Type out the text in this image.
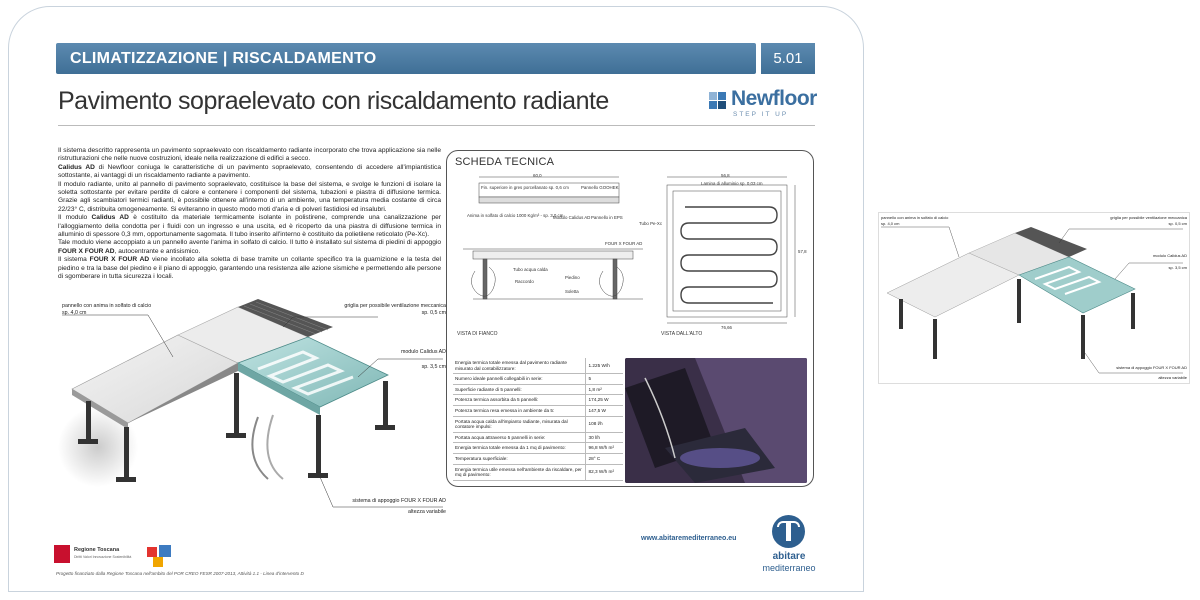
CLIMATIZZAZIONE | RISCALDAMENTO	5.01
Pavimento sopraelevato con riscaldamento radiante	Newfloor
STEP IT UP

Il sistema descritto rappresenta un pavimento sopraelevato con riscaldamento radiante incorporato che trova applicazione sia nelle ristrutturazioni che nelle nuove costruzioni, ideale nella realizzazione di edifici a secco.

Calidus AD di Newfloor coniuga le caratteristiche di un pavimento sopraelevato, consentendo di accedere all'impiantistica sottostante, ai vantaggi di un riscaldamento radiante a pavimento.

Il modulo radiante, unito al pannello di pavimento sopraelevato, costituisce la base del sistema, e svolge le funzioni di isolare la soletta sottostante per evitare perdite di calore e contenere i componenti del sistema, tubazioni e piastra di diffusione termica. Grazie agli scambiatori termici radianti, è possibile ottenere all'interno di un ambiente, una temperatura media costante di circa 22/23° C, distribuita omogeneamente. Si eviteranno in questo modo moti d'aria e di polveri fastidiosi ed insalubri.

Il modulo Calidus AD è costituito da materiale termicamente isolante in polistirene, comprende una canalizzazione per l'alloggiamento della condotta per i fluidi con un ingresso e una uscita, ed è ricoperto da una piastra di diffusione termica in alluminio di spessore 0,3 mm, opportunamente sagomata. Il tubo inserito all'interno è costituito da polietilene reticolato (Pe-Xc).

Tale modulo viene accoppiato a un pannello avente l'anima in solfato di calcio. Il tutto è installato sul sistema di piedini di appoggio FOUR X FOUR AD, autocentrante e antisismico.

Il sistema FOUR X FOUR AD viene incollato alla soletta di base tramite un collante specifico tra la guarnizione e la testa del piedino e tra la base del piedino e il piano di appoggio, garantendo una resistenza alle azione sismiche e permettendo alle persone di sgomberare in tutta sicurezza i locali.

pannello con anima in solfato di calcio
sp. 4,0 cm
griglia per possibile ventilazione meccanica
sp. 0,5 cm
modulo Calidus AD
sp. 3,5 cm
sistema di appoggio FOUR X FOUR AD
altezza variabile
SCHEDA TECNICA
60,0	56,8
76,66
57,8
Fin. superiore in gres porcellanato sp. 0,6 cm	Pannello GOOHEK
Anima in solfato di calcio 1000 Kg/m³ - sp. 3,0 cm
Modulo Calidus AD Pannello in EPS
Lamina di alluminio sp. 0,03 cm
Tubo Pe-Xc
FOUR X FOUR AD
Tubo acqua calda
Raccordo
Piedino
Soletta
VISTA DI FIANCO	VISTA DALL'ALTO
Energia termica totale emessa dal pavimento radiante misurato dal contabilizzatore:	1.225 W/h
Numero ideale pannelli collegabili in serie:	5
Superficie radiante di 5 pannelli:	1,8 m²
Potenza termica assorbita da 5 pannelli:	174,25 W
Potenza termica resa emessa in ambiente da 5:	147,5 W
Portata acqua calda all'impianto radiante, misurata dal contatore impulsi:	108 l/h
Portata acqua attraverso 5 pannelli in serie:	30 l/h
Energia termica totale emessa da 1 mq di pavimento:	96,8 W/h m²
Temperatura superficiale:	28° C
Energia termica utile emessa nell'ambiente da riscaldare, per mq di pavimento:	82,3 W/h m²
Regione Toscana
Diritti Valori Innovazione Sostenibilità
Progetto finanziato dalla Regione Toscana nell'ambito del POR CREO FESR 2007-2013, Attività 1.1 - Linea d'intervento D
www.abitaremediterraneo.eu
abitare
mediterraneo
pannello con anima in solfato di calcio
sp. 4,0 cm
griglia per possibile ventilazione meccanica
sp. 0,5 cm
modulo Calidus AD
sp. 3,5 cm
sistema di appoggio FOUR X FOUR AD
altezza variabile
